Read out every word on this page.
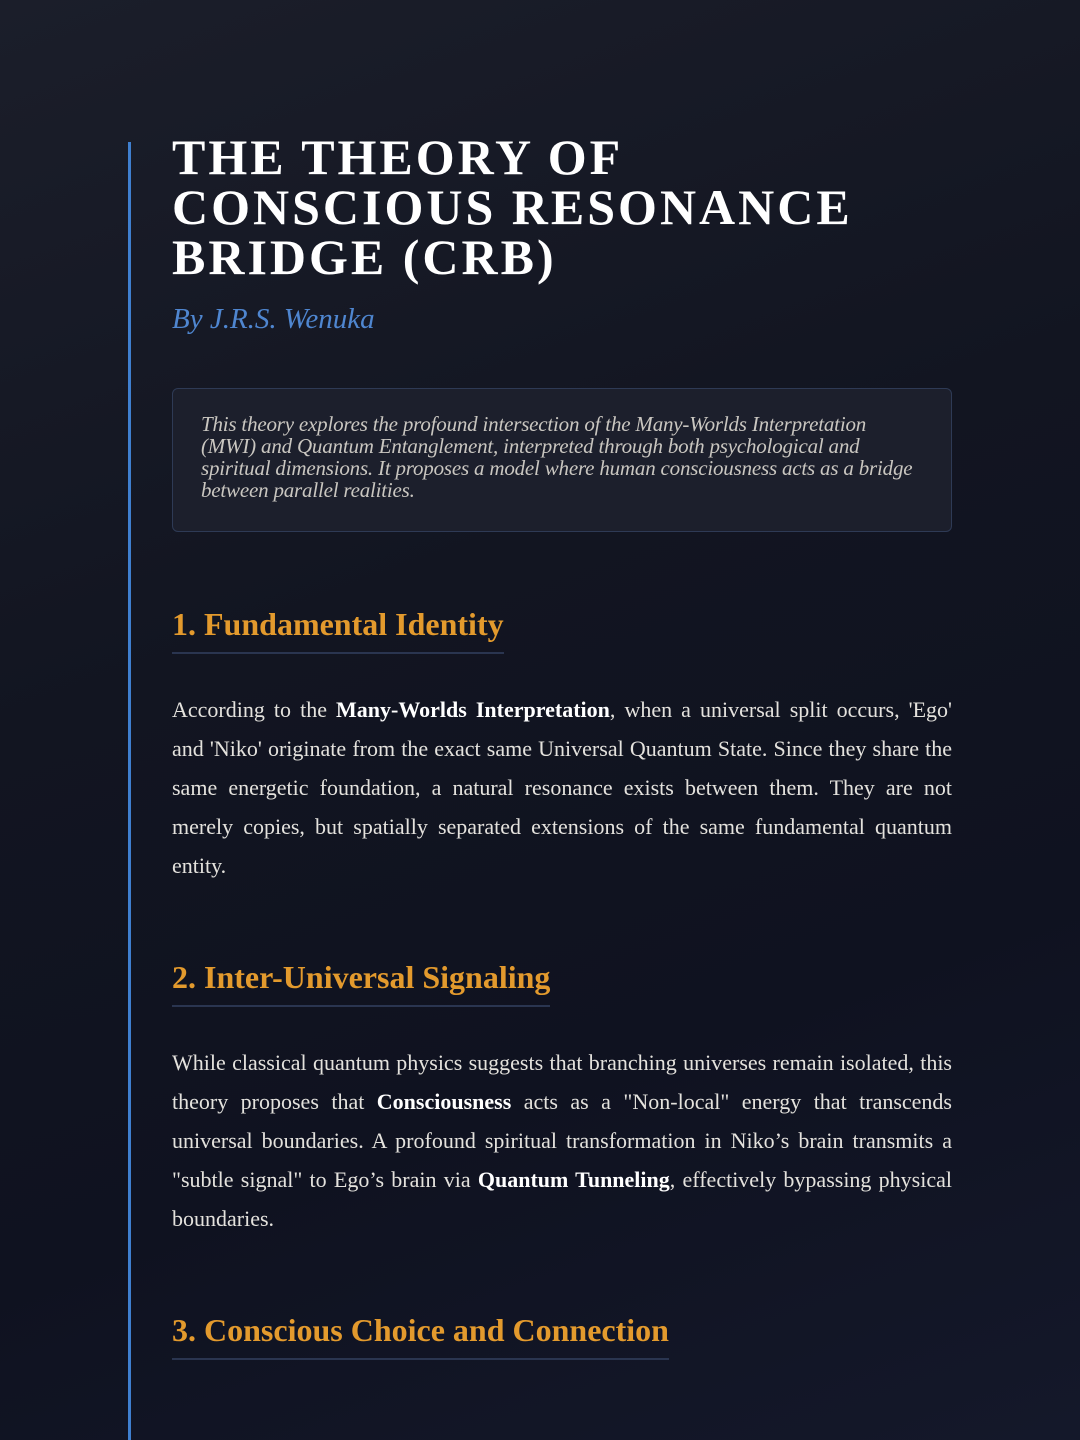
THE THEORY OF
CONSCIOUS RESONANCE
BRIDGE (CRB)
By J.R.S. Wenuka

This theory explores the profound intersection of the Many-Worlds Interpretation (MWI) and Quantum Entanglement, interpreted through both psychological and spiritual dimensions. It proposes a model where human consciousness acts as a bridge between parallel realities.

1. Fundamental Identity

According to the Many-Worlds Interpretation, when a universal split occurs, 'Ego' and 'Niko' originate from the exact same Universal Quantum State. Since they share the same energetic foundation, a natural resonance exists between them. They are not merely copies, but spatially separated extensions of the same fundamental quantum entity.

2. Inter-Universal Signaling

While classical quantum physics suggests that branching universes remain isolated, this theory proposes that Consciousness acts as a "Non-local" energy that transcends universal boundaries. A profound spiritual transformation in Niko’s brain transmits a "subtle signal" to Ego’s brain via Quantum Tunneling, effectively bypassing physical boundaries.

3. Conscious Choice and Connection
